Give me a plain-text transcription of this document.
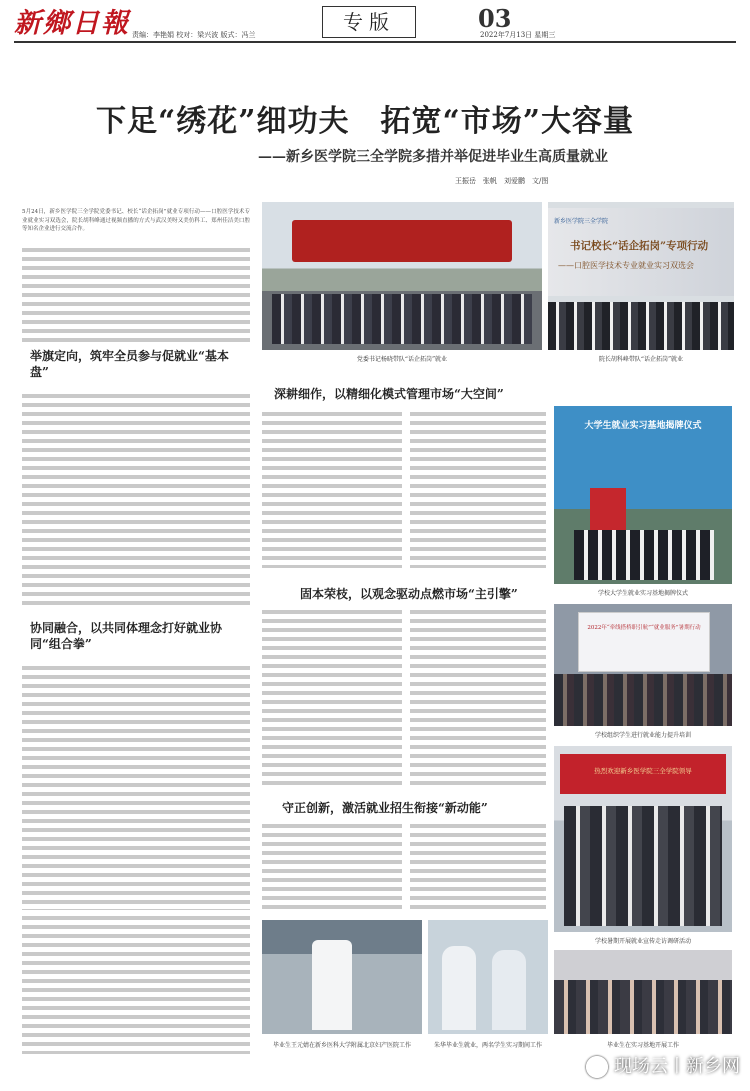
新鄉日報	专版	03
责编：李艳娟 校对：梁兴波 版式：冯兰	2022年7月13日 星期三
下足“绣花”细功夫　拓宽“市场”大容量
——新乡医学院三全学院多措并举促进毕业生高质量就业
王振岳　张帆　刘爱鹏　文/图
5月24日，新乡医学院三全学院党委书记、校长“话企拓岗”就业专项行动——口腔医学技术专业就业实习双选会，院长胡科峰通过视频直播的方式与武汉美呀又美仿科工、郑州佳洁美口腔等知名企业进行交流合作。
举旗定向，筑牢全员参与促就业“基本盘”
协同融合，以共同体理念打好就业协同“组合拳”
党委书记杨晓带队“话企拓岗”就业
新乡医学院三全学院
书记校长“话企拓岗”专项行动
——口腔医学技术专业就业实习双选会
院长胡科峰带队“话企拓岗”就业
深耕细作，以精细化模式管理市场“大空间”
大学生就业实习基地揭牌仪式
学校大学生就业实习基地揭牌仪式
固本荣枝，以观念驱动点燃市场“主引擎”
2022年“牵线搭桥职引航”“就业服务”暑期行动
学校组织学生进行就业能力提升培训
守正创新，激活就业招生衔接“新动能”
热烈欢迎新乡医学院三全学院领导
学校暑期开展就业宣传走访调研活动
毕业生王元婧在新乡医科大学附属北京妇产医院工作	朱华毕业生就业，两名学生实习期间工作	毕业生在实习基地开展工作
现场云丨新乡网
